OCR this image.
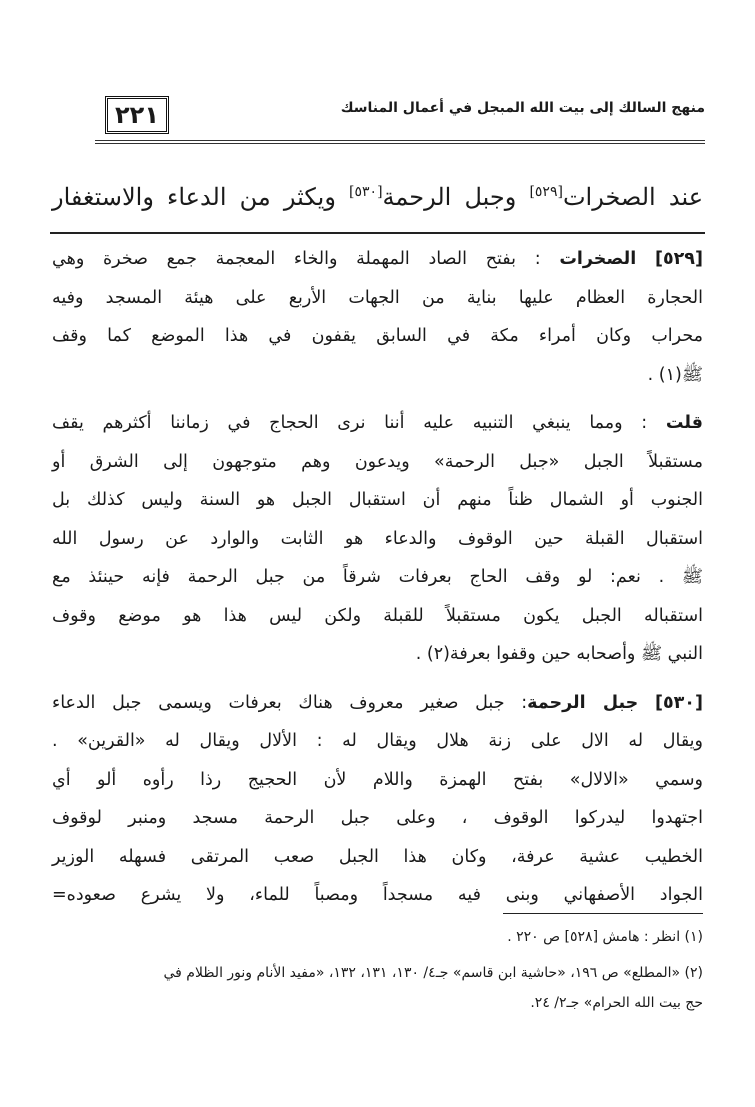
منهج السالك إلى بيت الله المبجل في أعمال المناسك
٢٢١
عند الصخرات[٥٢٩] وجبل الرحمة[٥٣٠] ويكثر من الدعاء والاستغفار

[٥٢٩] الصخرات : بفتح الصاد المهملة والخاء المعجمة جمع صخرة وهي

الحجارة العظام عليها بناية من الجهات الأربع على هيئة المسجد وفيه

محراب وكان أمراء مكة في السابق يقفون في هذا الموضع كما وقف

ﷺ(١) .

قلت : ومما ينبغي التنبيه عليه أننا نرى الحجاج في زماننا أكثرهم يقف

مستقبلاً الجبل «جبل الرحمة» ويدعون وهم متوجهون إلى الشرق أو

الجنوب أو الشمال ظناً منهم أن استقبال الجبل هو السنة وليس كذلك بل

استقبال القبلة حين الوقوف والدعاء هو الثابت والوارد عن رسول الله

ﷺ . نعم: لو وقف الحاج بعرفات شرقاً من جبل الرحمة فإنه حينئذ مع

استقباله الجبل يكون مستقبلاً للقبلة ولكن ليس هذا هو موضع وقوف

النبي ﷺ وأصحابه حين وقفوا بعرفة(٢) .

[٥٣٠] جبل الرحمة: جبل صغير معروف هناك بعرفات ويسمى جبل الدعاء

ويقال له الال على زنة هلال ويقال له : الألال ويقال له «القرين» .

وسمي «الالال» بفتح الهمزة واللام لأن الحجيج رذا رأوه ألو أي

اجتهدوا ليدركوا الوقوف ، وعلى جبل الرحمة مسجد ومنبر لوقوف

الخطيب عشية عرفة، وكان هذا الجبل صعب المرتقى فسهله الوزير

الجواد الأصفهاني وبنى فيه مسجداً ومصباً للماء، ولا يشرع صعوده=

(١) انظر : هامش [٥٢٨] ص ٢٢٠ .

(٢) «المطلع» ص ١٩٦، «حاشية ابن قاسم» جـ٤/ ١٣٠، ١٣١، ١٣٢، «مفيد الأنام ونور الظلام في

حج بيت الله الحرام» جـ٢/ ٢٤.
